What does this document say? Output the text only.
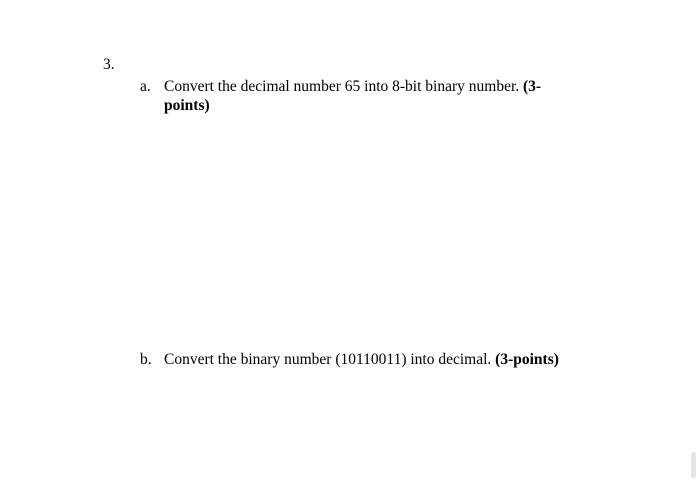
3.
a. Convert the decimal number 65 into 8-bit binary number. (3-points)
b. Convert the binary number (10110011) into decimal. (3-points)
